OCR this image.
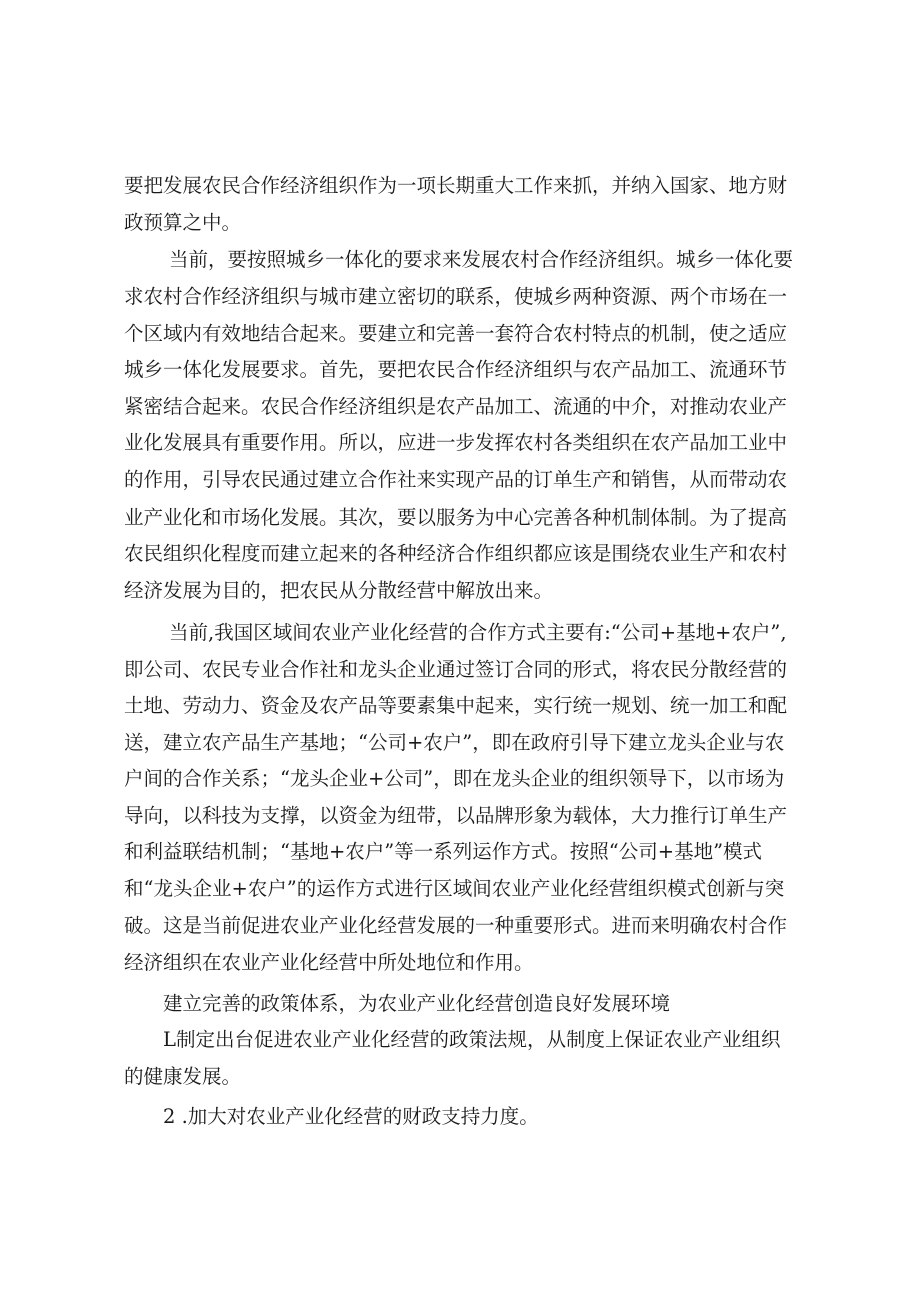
要把发展农民合作经济组织作为一项长期重大工作来抓，并纳入国家、地方财
政预算之中。
当前，要按照城乡一体化的要求来发展农村合作经济组织。城乡一体化要
求农村合作经济组织与城市建立密切的联系，使城乡两种资源、两个市场在一
个区域内有效地结合起来。要建立和完善一套符合农村特点的机制，使之适应
城乡一体化发展要求。首先，要把农民合作经济组织与农产品加工、流通环节
紧密结合起来。农民合作经济组织是农产品加工、流通的中介，对推动农业产
业化发展具有重要作用。所以，应进一步发挥农村各类组织在农产品加工业中
的作用，引导农民通过建立合作社来实现产品的订单生产和销售，从而带动农
业产业化和市场化发展。其次，要以服务为中心完善各种机制体制。为了提高
农民组织化程度而建立起来的各种经济合作组织都应该是围绕农业生产和农村
经济发展为目的，把农民从分散经营中解放出来。
当前,我国区域间农业产业化经营的合作方式主要有:“公司+基地+农户”,
即公司、农民专业合作社和龙头企业通过签订合同的形式，将农民分散经营的
土地、劳动力、资金及农产品等要素集中起来，实行统一规划、统一加工和配
送，建立农产品生产基地；“公司+农户”，即在政府引导下建立龙头企业与农
户间的合作关系；“龙头企业+公司”，即在龙头企业的组织领导下，以市场为
导向，以科技为支撑，以资金为纽带，以品牌形象为载体，大力推行订单生产
和利益联结机制；“基地+农户”等一系列运作方式。按照“公司+基地”模式
和“龙头企业+农户”的运作方式进行区域间农业产业化经营组织模式创新与突
破。这是当前促进农业产业化经营发展的一种重要形式。进而来明确农村合作
经济组织在农业产业化经营中所处地位和作用。
建立完善的政策体系，为农业产业化经营创造良好发展环境
L制定出台促进农业产业化经营的政策法规，从制度上保证农业产业组织
的健康发展。
2 .加大对农业产业化经营的财政支持力度。
